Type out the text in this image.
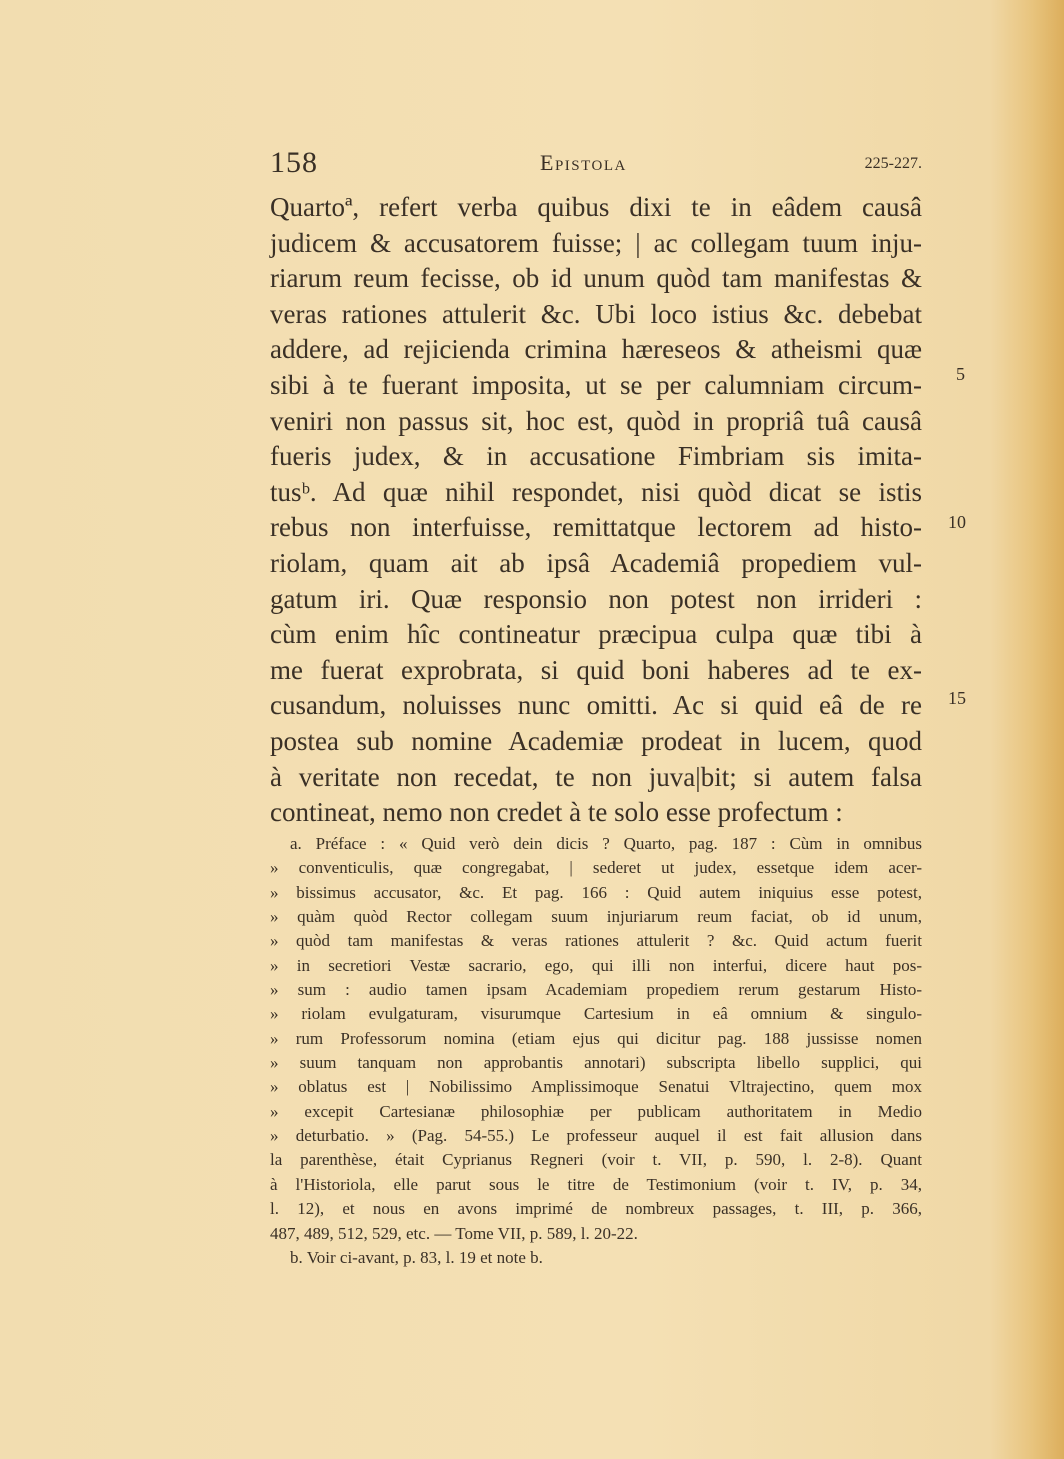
158	Epistola	225-227.
Quartoª, refert verba quibus dixi te in eâdem causâ
judicem & accusatorem fuisse; | ac collegam tuum inju-
riarum reum fecisse, ob id unum quòd tam manifestas &
veras rationes attulerit &c. Ubi loco istius &c. debebat
addere, ad rejicienda crimina hæreseos & atheismi quæ
sibi à te fuerant imposita, ut se per calumniam circum-
veniri non passus sit, hoc est, quòd in propriâ tuâ causâ
fueris judex, & in accusatione Fimbriam sis imita-
tusᵇ. Ad quæ nihil respondet, nisi quòd dicat se istis
rebus non interfuisse, remittatque lectorem ad histo-
riolam, quam ait ab ipsâ Academiâ propediem vul-
gatum iri. Quæ responsio non potest non irrideri :
cùm enim hîc contineatur præcipua culpa quæ tibi à
me fuerat exprobrata, si quid boni haberes ad te ex-
cusandum, noluisses nunc omitti. Ac si quid eâ de re
postea sub nomine Academiæ prodeat in lucem, quod
à veritate non recedat, te non juva|bit; si autem falsa
contineat, nemo non credet à te solo esse profectum :
5
10
15
a. Préface : « Quid verò dein dicis ? Quarto, pag. 187 : Cùm in omnibus
» conventiculis, quæ congregabat, | sederet ut judex, essetque idem acer-
» bissimus accusator, &c. Et pag. 166 : Quid autem iniquius esse potest,
» quàm quòd Rector collegam suum injuriarum reum faciat, ob id unum,
» quòd tam manifestas & veras rationes attulerit ? &c. Quid actum fuerit
» in secretiori Vestæ sacrario, ego, qui illi non interfui, dicere haut pos-
» sum : audio tamen ipsam Academiam propediem rerum gestarum Histo-
» riolam evulgaturam, visurumque Cartesium in eâ omnium & singulo-
» rum Professorum nomina (etiam ejus qui dicitur pag. 188 jussisse nomen
» suum tanquam non approbantis annotari) subscripta libello supplici, qui
» oblatus est | Nobilissimo Amplissimoque Senatui Vltrajectino, quem mox
» excepit Cartesianæ philosophiæ per publicam authoritatem in Medio
» deturbatio. » (Pag. 54-55.) Le professeur auquel il est fait allusion dans
la parenthèse, était Cyprianus Regneri (voir t. VII, p. 590, l. 2-8). Quant
à l'Historiola, elle parut sous le titre de Testimonium (voir t. IV, p. 34,
l. 12), et nous en avons imprimé de nombreux passages, t. III, p. 366,
487, 489, 512, 529, etc. — Tome VII, p. 589, l. 20-22.
b. Voir ci-avant, p. 83, l. 19 et note b.
